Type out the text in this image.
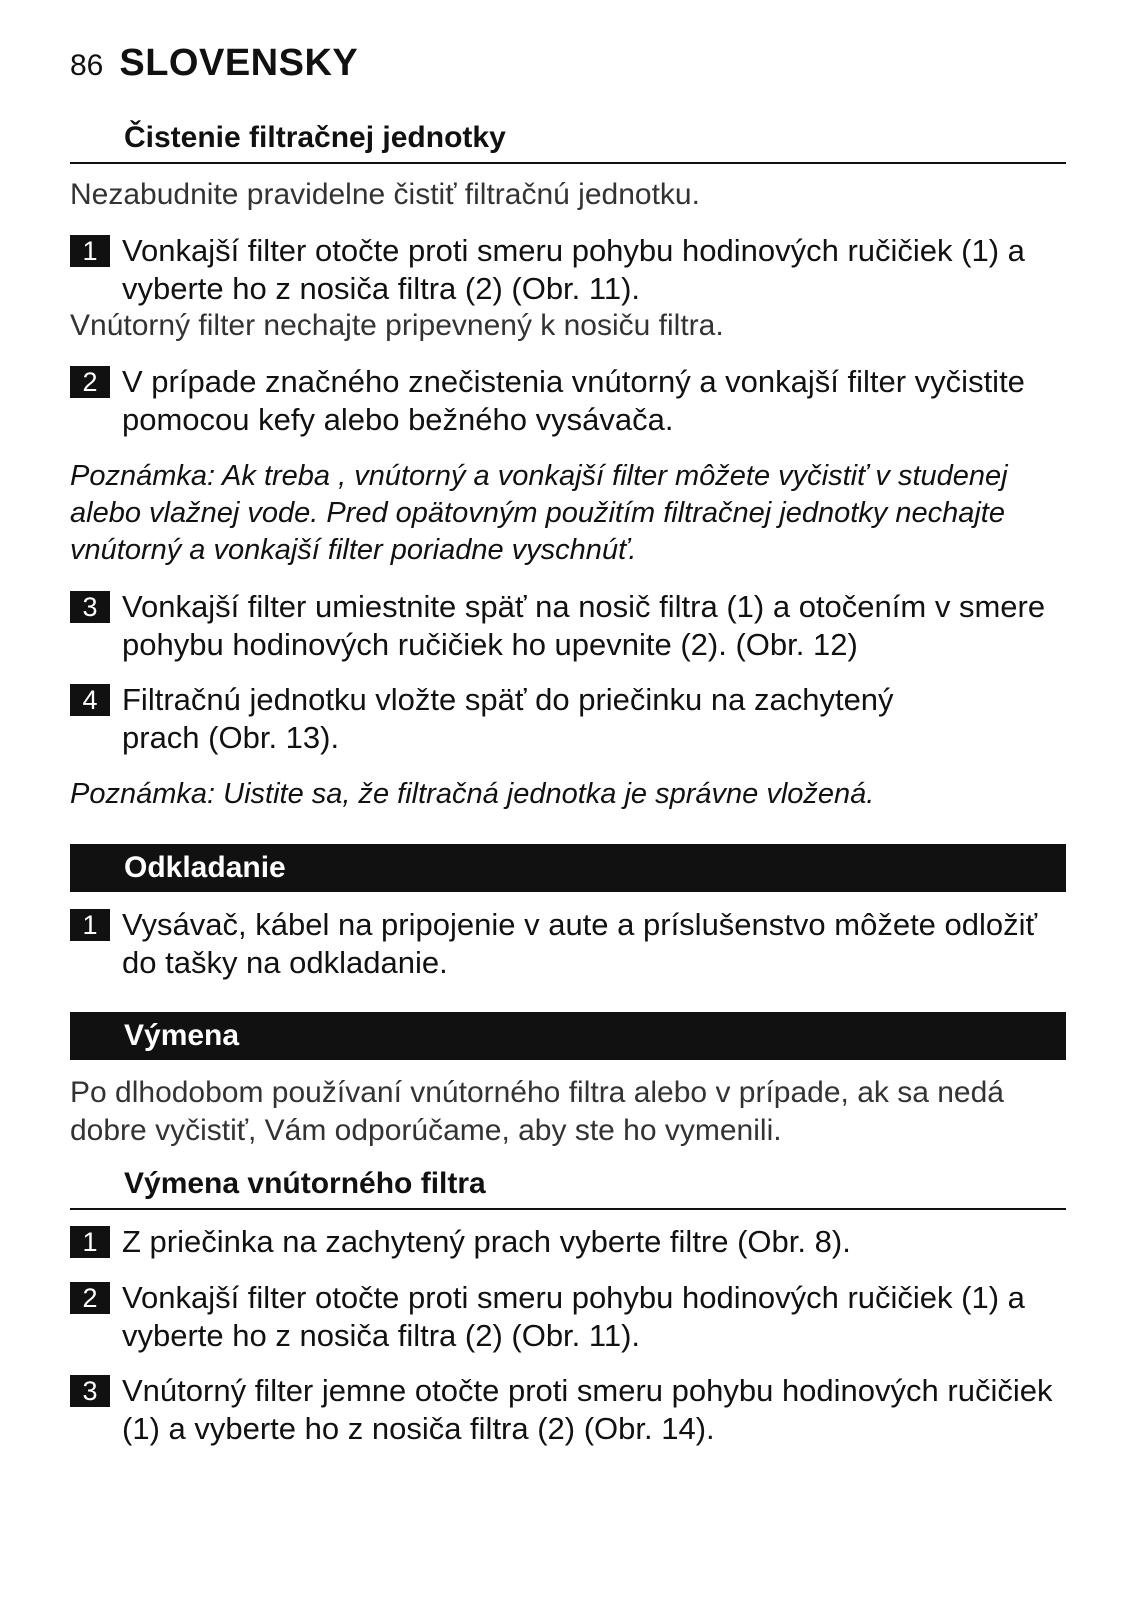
86 SLOVENSKY
Čistenie filtračnej jednotky
Nezabudnite pravidelne čistiť filtračnú jednotku.
1 Vonkajší filter otočte proti smeru pohybu hodinových ručičiek (1) a vyberte ho z nosiča filtra (2) (Obr. 11).
Vnútorný filter nechajte pripevnený k nosiču filtra.
2 V prípade značného znečistenia vnútorný a vonkajší filter vyčistite pomocou kefy alebo bežného vysávača.
Poznámka: Ak treba , vnútorný a vonkajší filter môžete vyčistiť v studenej alebo vlažnej vode. Pred opätovným použitím filtračnej jednotky nechajte vnútorný a vonkajší filter poriadne vyschnúť.
3 Vonkajší filter umiestnite späť na nosič filtra (1) a otočením v smere pohybu hodinových ručičiek ho upevnite (2). (Obr. 12)
4 Filtračnú jednotku vložte späť do priečinku na zachytený prach (Obr. 13).
Poznámka: Uistite sa, že filtračná jednotka je správne vložená.
Odkladanie
1 Vysávač, kábel na pripojenie v aute a príslušenstvo môžete odložiť do tašky na odkladanie.
Výmena
Po dlhodobom používaní vnútorného filtra alebo v prípade, ak sa nedá dobre vyčistiť, Vám odporúčame, aby ste ho vymenili.
Výmena vnútorného filtra
1 Z priečinka na zachytený prach vyberte filtre (Obr. 8).
2 Vonkajší filter otočte proti smeru pohybu hodinových ručičiek (1) a vyberte ho z nosiča filtra (2) (Obr. 11).
3 Vnútorný filter jemne otočte proti smeru pohybu hodinových ručičiek (1) a vyberte ho z nosiča filtra (2) (Obr. 14).
